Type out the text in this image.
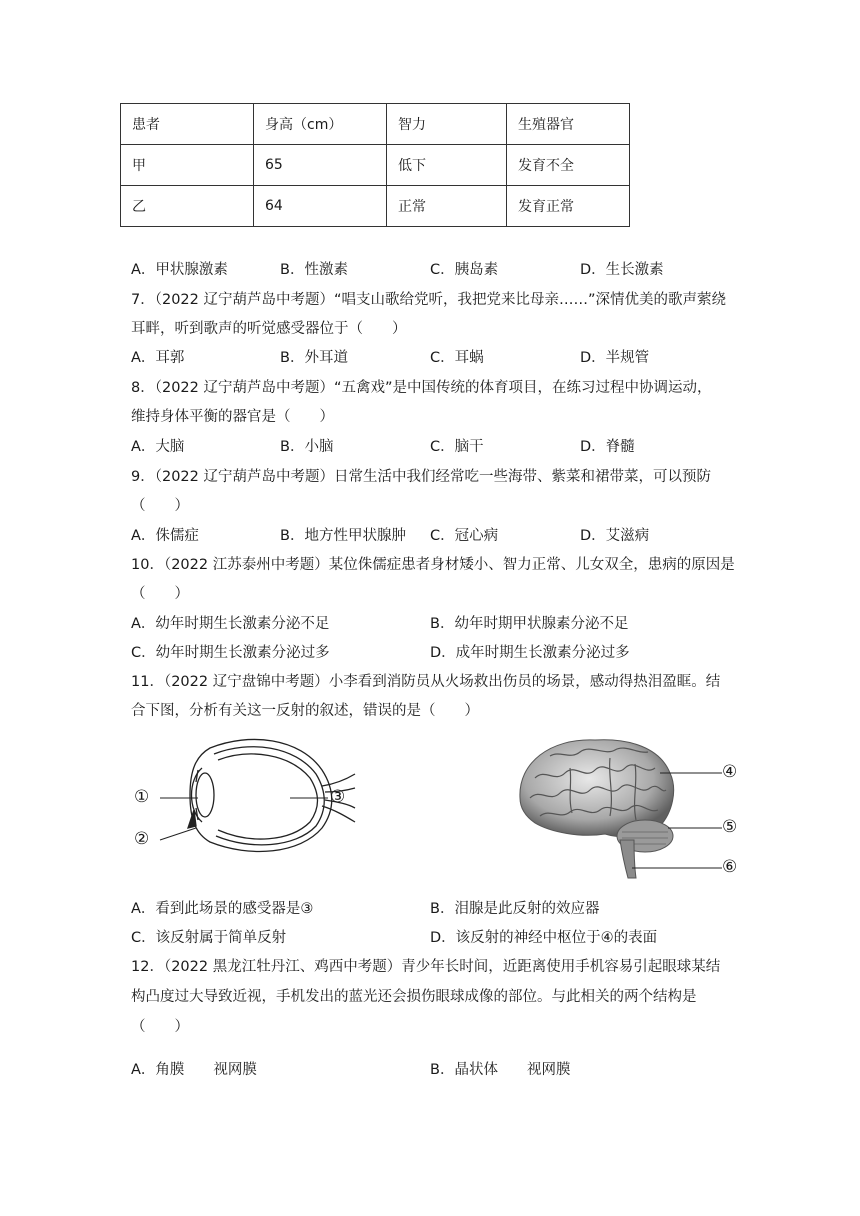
患者	身高（cm）	智力	生殖器官
甲	65	低下	发育不全
乙	64	正常	发育正常
A．甲状腺激素	B．性激素	C．胰岛素	D．生长激素
7．（2022 辽宁葫芦岛中考题）“唱支山歌给党听，我把党来比母亲……”深情优美的歌声萦绕
耳畔，听到歌声的听觉感受器位于（　　）
A．耳郭	B．外耳道	C．耳蜗	D．半规管
8．（2022 辽宁葫芦岛中考题）“五禽戏”是中国传统的体育项目，在练习过程中协调运动，
维持身体平衡的器官是（　　）
A．大脑	B．小脑	C．脑干	D．脊髓
9．（2022 辽宁葫芦岛中考题）日常生活中我们经常吃一些海带、紫菜和裙带菜，可以预防
（　　）
A．侏儒症	B．地方性甲状腺肿 C．冠心病	D．艾滋病
10．（2022 江苏泰州中考题）某位侏儒症患者身材矮小、智力正常、儿女双全，患病的原因是
（　　）
A．幼年时期生长激素分泌不足	B．幼年时期甲状腺素分泌不足
C．幼年时期生长激素分泌过多	D．成年时期生长激素分泌过多
11．（2022 辽宁盘锦中考题）小李看到消防员从火场救出伤员的场景，感动得热泪盈眶。结
合下图，分析有关这一反射的叙述，错误的是（　　）
①
②
③
④
⑤
⑥
A．看到此场景的感受器是③	B．泪腺是此反射的效应器
C．该反射属于简单反射	D．该反射的神经中枢位于④的表面
12．（2022 黑龙江牡丹江、鸡西中考题）青少年长时间，近距离使用手机容易引起眼球某结
构凸度过大导致近视，手机发出的蓝光还会损伤眼球成像的部位。与此相关的两个结构是
（　　）
A．角膜　　视网膜	B．晶状体　　视网膜
